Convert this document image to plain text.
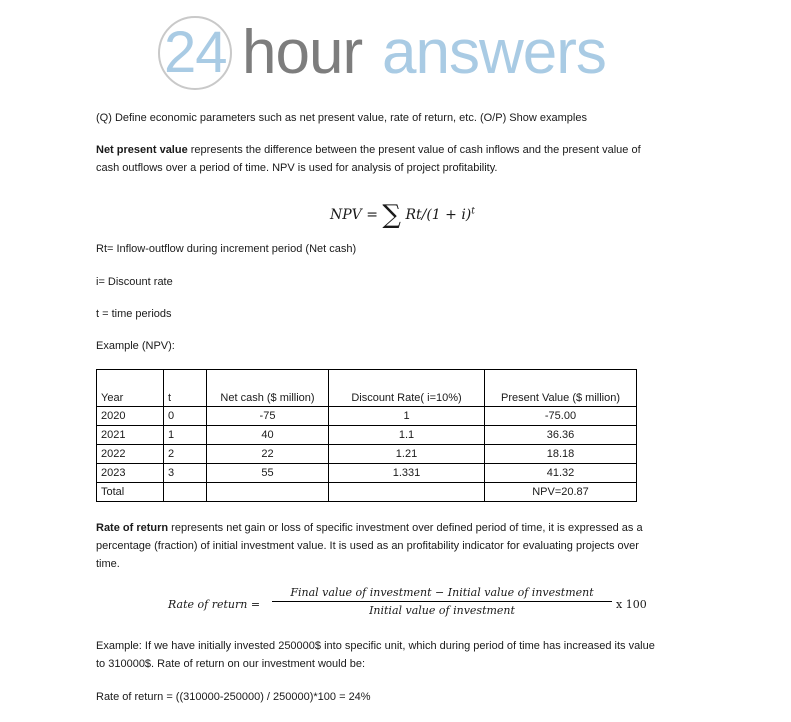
24 hour answers
(Q) Define economic parameters such as net present value, rate of return, etc. (O/P) Show examples
Net present value represents the difference between the present value of cash inflows and the present value of
cash outflows over a period of time. NPV is used for analysis of project profitability.
NPV = ∑ $Rt/(1 + i)^t$
Rt= Inflow-outflow during increment period (Net cash)
i= Discount rate
t = time periods
Example (NPV):
Year	t	Net cash ($ million)	Discount Rate( i=10%)	Present Value ($ million)
2020	0	-75	1	-75.00
2021	1	40	1.1	36.36
2022	2	22	1.21	18.18
2023	3	55	1.331	41.32
Total				NPV=20.87
Rate of return represents net gain or loss of specific investment over defined period of time, it is expressed as a
percentage (fraction) of initial investment value. It is used as an profitability indicator for evaluating projects over
time.
Rate of return =
Final value of investment − Initial value of investment
Initial value of investment	x 100
Example: If we have initially invested 250000$ into specific unit, which during period of time has increased its value
to 310000$. Rate of return on our investment would be:
Rate of return = ((310000-250000) / 250000)*100 = 24%
